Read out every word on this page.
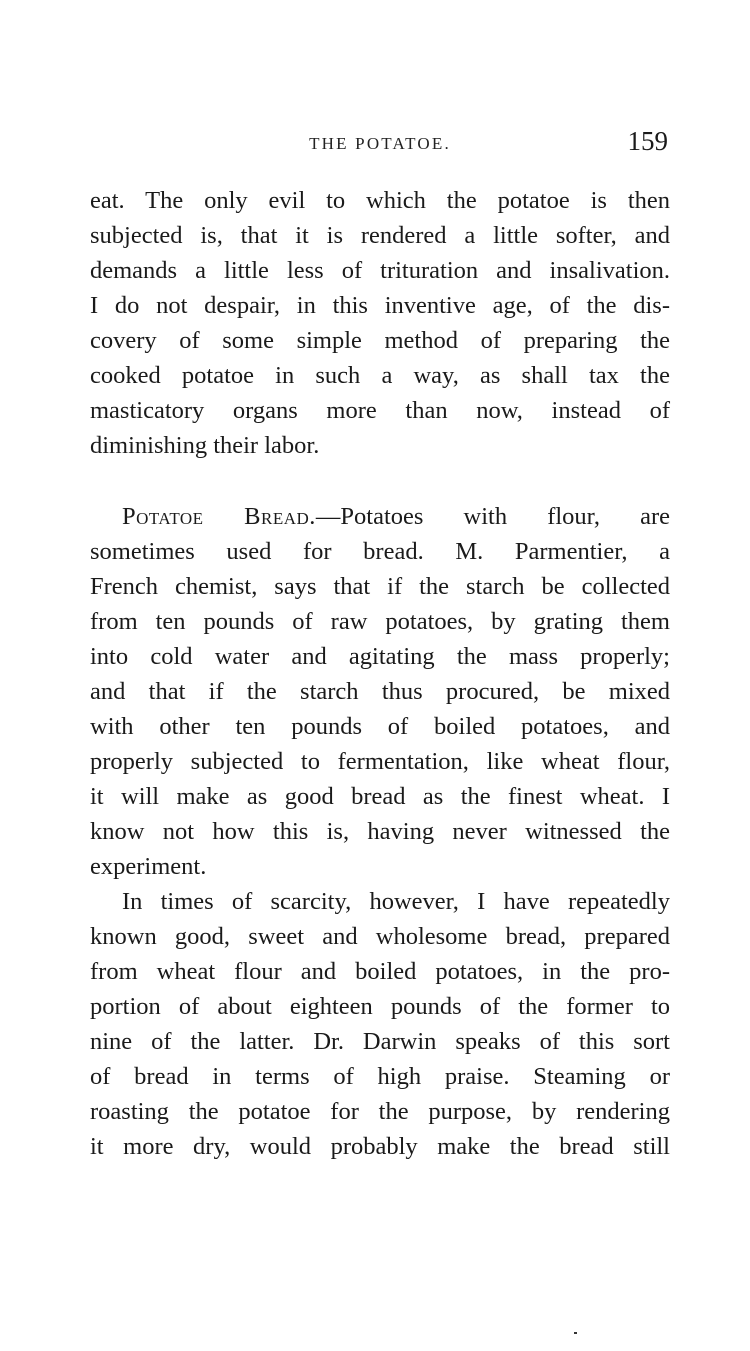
THE POTATOE.	159
eat. The only evil to which the potatoe is then
subjected is, that it is rendered a little softer, and
demands a little less of trituration and insalivation.
I do not despair, in this inventive age, of the dis-
covery of some simple method of preparing the
cooked potatoe in such a way, as shall tax the
masticatory organs more than now, instead of
diminishing their labor.
Potatoe Bread.—Potatoes with flour, are
sometimes used for bread. M. Parmentier, a
French chemist, says that if the starch be collected
from ten pounds of raw potatoes, by grating them
into cold water and agitating the mass properly;
and that if the starch thus procured, be mixed
with other ten pounds of boiled potatoes, and
properly subjected to fermentation, like wheat flour,
it will make as good bread as the finest wheat. I
know not how this is, having never witnessed the
experiment.
In times of scarcity, however, I have repeatedly
known good, sweet and wholesome bread, prepared
from wheat flour and boiled potatoes, in the pro-
portion of about eighteen pounds of the former to
nine of the latter. Dr. Darwin speaks of this sort
of bread in terms of high praise. Steaming or
roasting the potatoe for the purpose, by rendering
it more dry, would probably make the bread still
